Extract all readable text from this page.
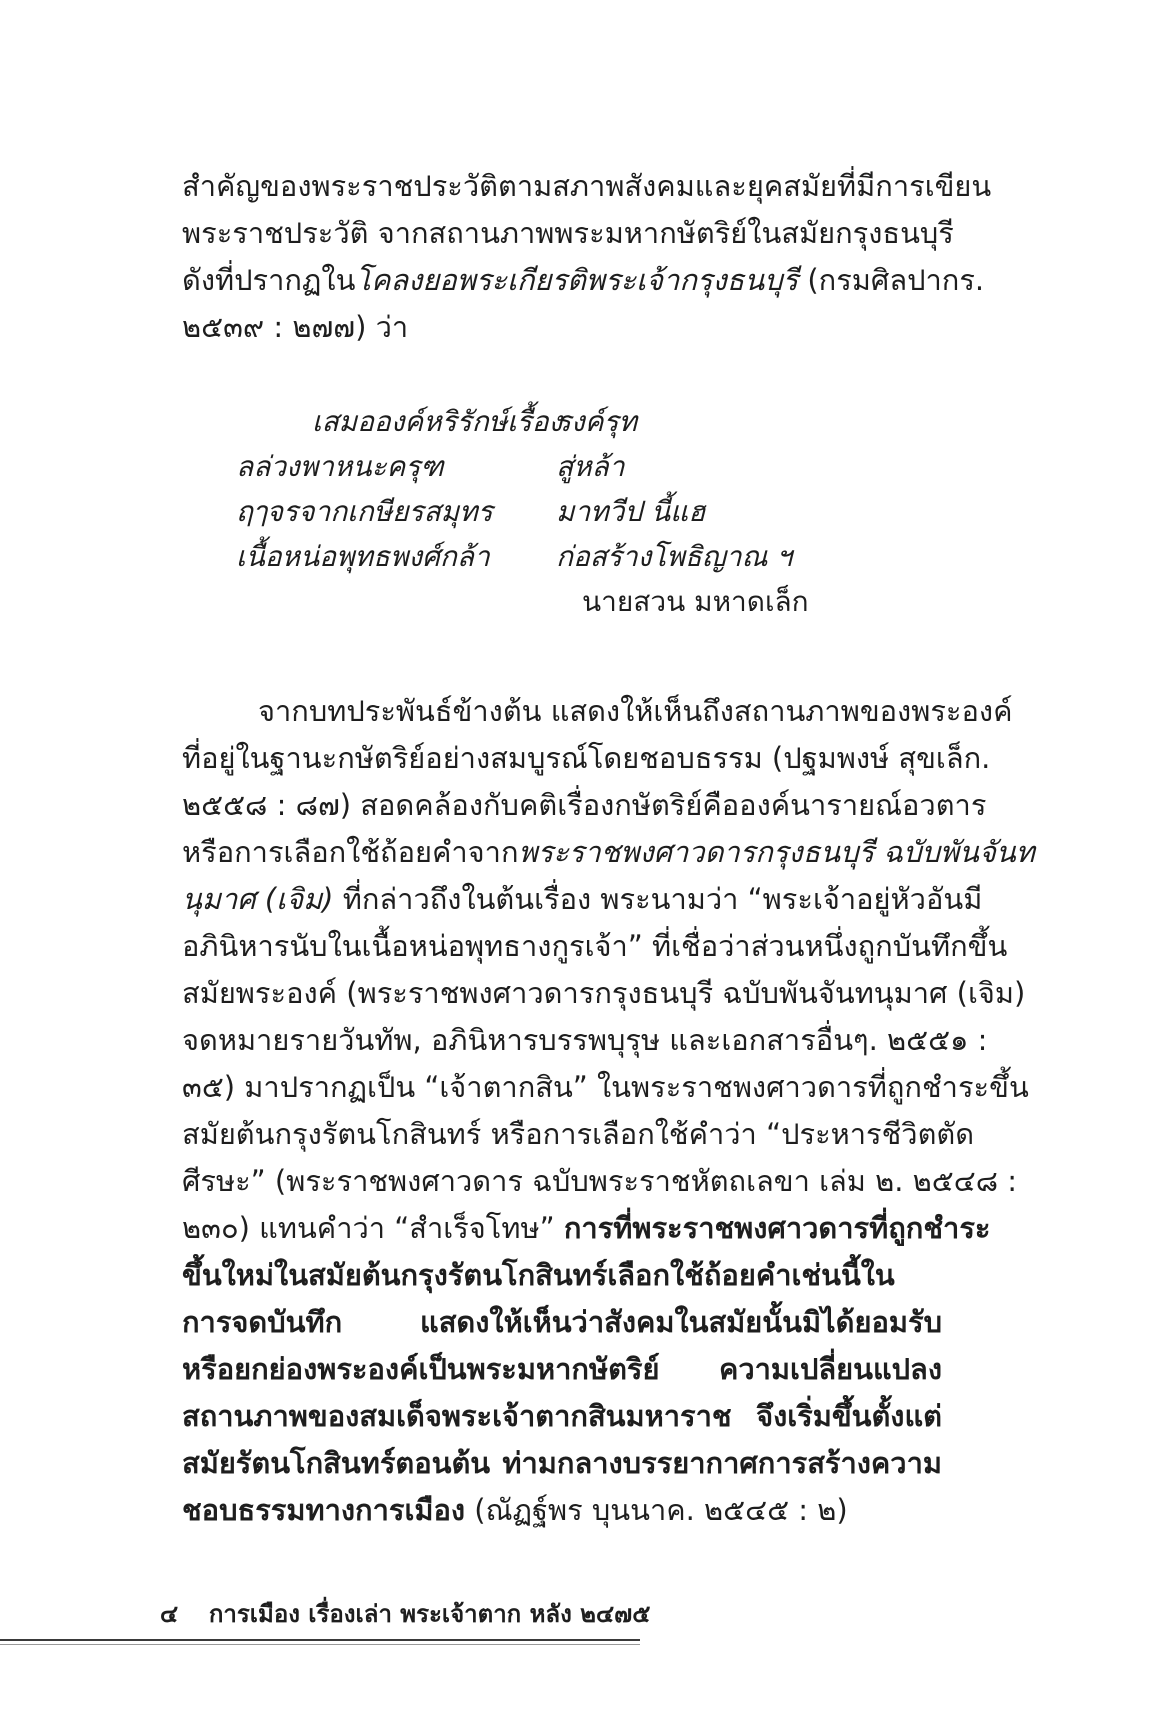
สำคัญของพระราชประวัติตามสภาพสังคมและยุคสมัยที่มีการเขียน
พระราชประวัติ จากสถานภาพพระมหากษัตริย์ในสมัยกรุงธนบุรี
ดังที่ปรากฏในโคลงยอพระเกียรติพระเจ้ากรุงธนบุรี (กรมศิลปากร.
๒๕๓๙ : ๒๗๗) ว่า
เสมอองค์หริรักษ์เรื้อง
รงค์รุท
ลล่วงพาหนะครุฑ	สู่หล้า
ฤๅจรจากเกษียรสมุทร มาทวีป นี้แฮ
เนื้อหน่อพุทธพงศ์กล้า ก่อสร้างโพธิญาณ ฯ
นายสวน มหาดเล็ก
จากบทประพันธ์ข้างต้น แสดงให้เห็นถึงสถานภาพของพระองค์
ที่อยู่ในฐานะกษัตริย์อย่างสมบูรณ์โดยชอบธรรม (ปฐมพงษ์ สุขเล็ก.
๒๕๕๘ : ๘๗) สอดคล้องกับคติเรื่องกษัตริย์คือองค์นารายณ์อวตาร
หรือการเลือกใช้ถ้อยคำจากพระราชพงศาวดารกรุงธนบุรี ฉบับพันจันท
นุมาศ (เจิม) ที่กล่าวถึงในต้นเรื่อง พระนามว่า “พระเจ้าอยู่หัวอันมี
อภินิหารนับในเนื้อหน่อพุทธางกูรเจ้า” ที่เชื่อว่าส่วนหนึ่งถูกบันทึกขึ้น
สมัยพระองค์ (พระราชพงศาวดารกรุงธนบุรี ฉบับพันจันทนุมาศ (เจิม)
จดหมายรายวันทัพ, อภินิหารบรรพบุรุษ และเอกสารอื่นๆ. ๒๕๕๑ :
๓๕) มาปรากฏเป็น “เจ้าตากสิน” ในพระราชพงศาวดารที่ถูกชำระขึ้น
สมัยต้นกรุงรัตนโกสินทร์ หรือการเลือกใช้คำว่า “ประหารชีวิตตัด
ศีรษะ” (พระราชพงศาวดาร ฉบับพระราชหัตถเลขา เล่ม ๒. ๒๕๔๘ :
๒๓๐) แทนคำว่า “สำเร็จโทษ” การที่พระราชพงศาวดารที่ถูกชำระ
ขึ้นใหม่ในสมัยต้นกรุงรัตนโกสินทร์เลือกใช้ถ้อยคำเช่นนี้ใน
การจดบันทึก แสดงให้เห็นว่าสังคมในสมัยนั้นมิได้ยอมรับ
หรือยกย่องพระองค์เป็นพระมหากษัตริย์ ความเปลี่ยนแปลง
สถานภาพของสมเด็จพระเจ้าตากสินมหาราช จึงเริ่มขึ้นตั้งแต่
สมัยรัตนโกสินทร์ตอนต้น ท่ามกลางบรรยากาศการสร้างความ
ชอบธรรมทางการเมือง (ณัฏฐ์พร บุนนาค. ๒๕๔๕ : ๒)
๔ การเมือง เรื่องเล่า พระเจ้าตาก หลัง ๒๔๗๕
